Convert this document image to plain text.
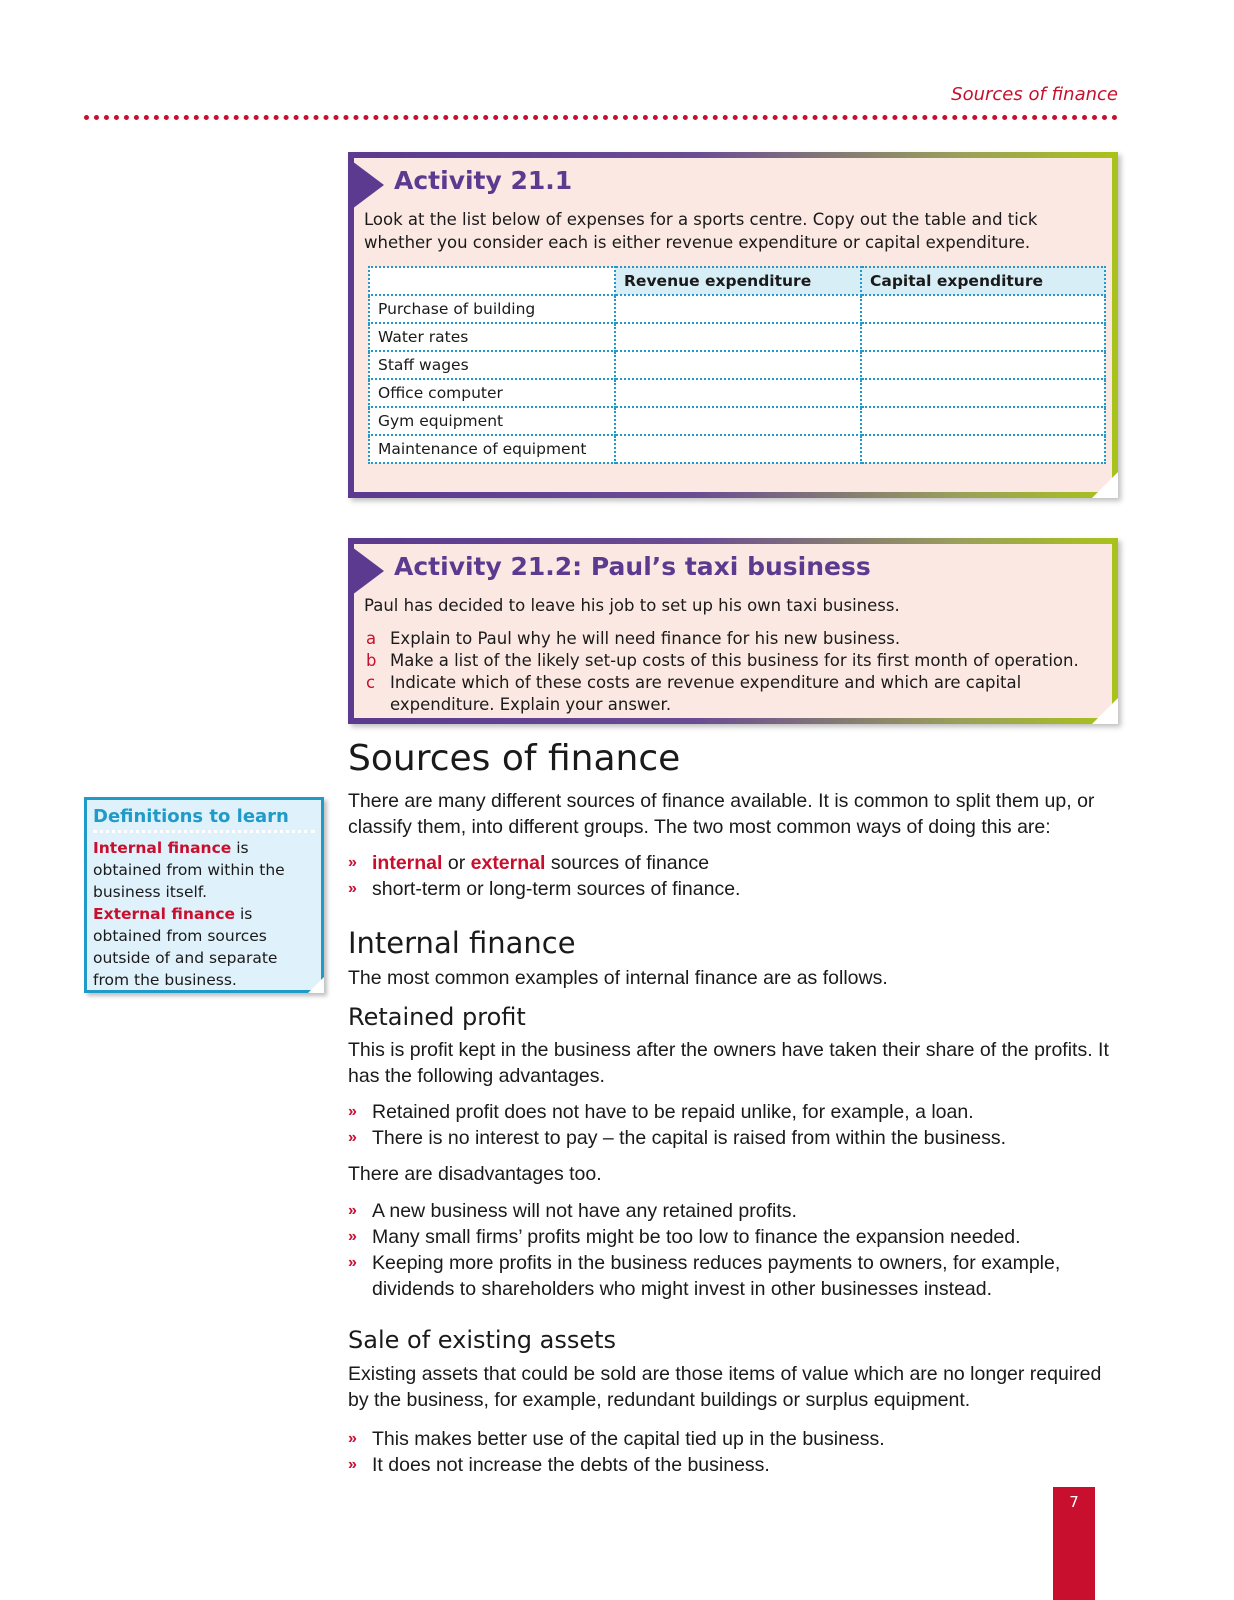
Sources of finance
Activity 21.1
Look at the list below of expenses for a sports centre. Copy out the table and tick whether you consider each is either revenue expenditure or capital expenditure.
	Revenue expenditure	Capital expenditure
Purchase of building		
Water rates		
Staff wages		
Office computer		
Gym equipment		
Maintenance of equipment		
Activity 21.2: Paul’s taxi business
Paul has decided to leave his job to set up his own taxi business.
a Explain to Paul why he will need finance for his new business.
b Make a list of the likely set-up costs of this business for its first month of operation.
c Indicate which of these costs are revenue expenditure and which are capital expenditure. Explain your answer.
Definitions to learn
Internal finance is obtained from within the business itself.
External finance is obtained from sources outside of and separate from the business.
Sources of finance

There are many different sources of finance available. It is common to split them up, or classify them, into different groups. The two most common ways of doing this are:

» internal or external sources of finance
» short-term or long-term sources of finance.
Internal finance

The most common examples of internal finance are as follows.

Retained profit

This is profit kept in the business after the owners have taken their share of the profits. It has the following advantages.

» Retained profit does not have to be repaid unlike, for example, a loan.
» There is no interest to pay – the capital is raised from within the business.

There are disadvantages too.

» A new business will not have any retained profits.
» Many small firms’ profits might be too low to finance the expansion needed.
» Keeping more profits in the business reduces payments to owners, for example, dividends to shareholders who might invest in other businesses instead.
Sale of existing assets

Existing assets that could be sold are those items of value which are no longer required by the business, for example, redundant buildings or surplus equipment.

» This makes better use of the capital tied up in the business.
» It does not increase the debts of the business.
7
